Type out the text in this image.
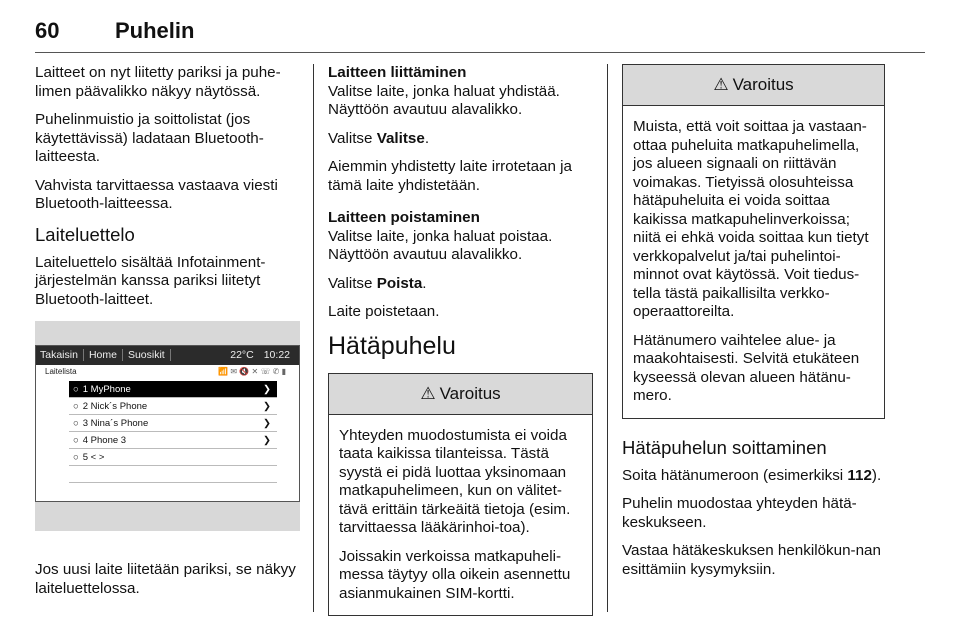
60	Puhelin

Laitteet on nyt liitetty pariksi ja puhe-limen päävalikko näkyy näytössä.

Puhelinmuistio ja soittolistat (jos käytettävissä) ladataan Bluetooth-laitteesta.

Vahvista tarvittaessa vastaava viesti Bluetooth-laitteessa.

Laiteluettelo

Laiteluettelo sisältää Infotainment-järjestelmän kanssa pariksi liitetyt Bluetooth-laitteet.

Takaisin	Home	Suosikit	22°C 10:22
Laitelista	📶 ✉ 🔇 ✕ ☏ ✆ ▮
○ 1 MyPhone	❯
○ 2 Nick´s Phone	❯
○ 3 Nina´s Phone	❯
○ 4 Phone 3	❯
○ 5 < >

Jos uusi laite liitetään pariksi, se näkyy laiteluettelossa.

Laitteen liittäminen

Valitse laite, jonka haluat yhdistää. Näyttöön avautuu alavalikko.

Valitse Valitse.

Aiemmin yhdistetty laite irrotetaan ja tämä laite yhdistetään.

Laitteen poistaminen

Valitse laite, jonka haluat poistaa. Näyttöön avautuu alavalikko.

Valitse Poista.

Laite poistetaan.

Hätäpuhelu
⚠ Varoitus

Yhteyden muodostumista ei voida taata kaikissa tilanteissa. Tästä syystä ei pidä luottaa yksinomaan matkapuhelimeen, kun on välitet-tävä erittäin tärkeäitä tietoja (esim. tarvittaessa lääkärinhoi-toa).

Joissakin verkoissa matkapuheli-messa täytyy olla oikein asennettu asianmukainen SIM-kortti.

⚠ Varoitus

Muista, että voit soittaa ja vastaan-ottaa puheluita matkapuhelimella, jos alueen signaali on riittävän voimakas. Tietyissä olosuhteissa hätäpuheluita ei voida soittaa kaikissa matkapuhelinverkoissa; niitä ei ehkä voida soittaa kun tietyt verkkopalvelut ja/tai puhelintoi-minnot ovat käytössä. Voit tiedus-tella tästä paikallisilta verkko-operaattoreilta.

Hätänumero vaihtelee alue- ja maakohtaisesti. Selvitä etukäteen kyseessä olevan alueen hätänu-mero.

Hätäpuhelun soittaminen

Soita hätänumeroon (esimerkiksi 112).

Puhelin muodostaa yhteyden hätä-keskukseen.

Vastaa hätäkeskuksen henkilökun-nan esittämiin kysymyksiin.
